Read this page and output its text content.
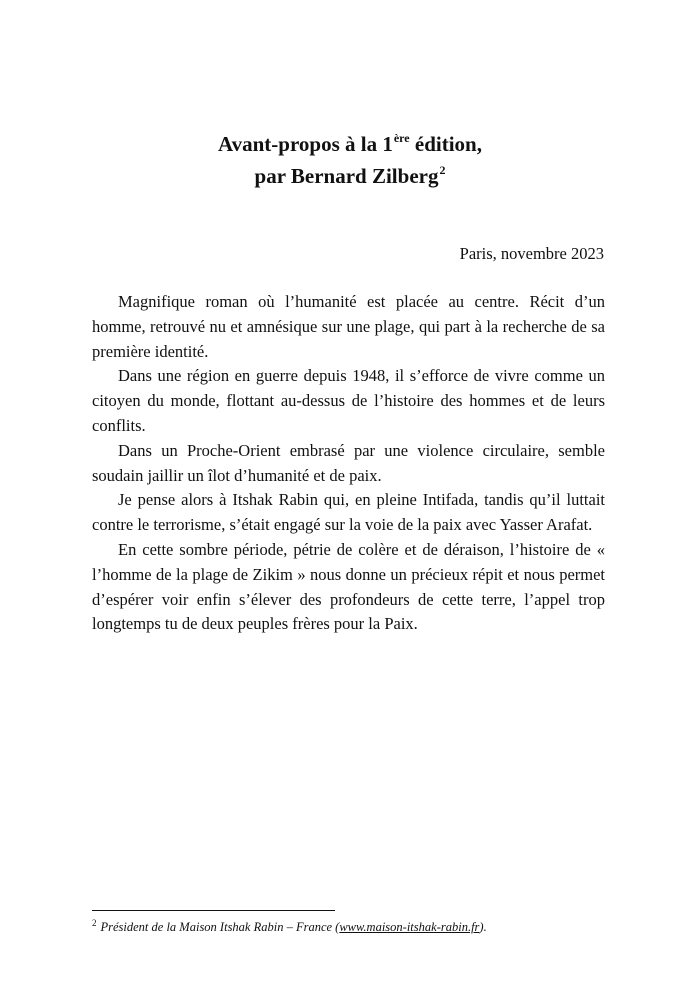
Avant-propos à la 1ère édition,
par Bernard Zilberg$^2$

Paris, novembre 2023

Magnifique roman où l’humanité est placée au centre. Récit d’un homme, retrouvé nu et amnésique sur une plage, qui part à la recherche de sa première identité.

Dans une région en guerre depuis 1948, il s’efforce de vivre comme un citoyen du monde, flottant au-dessus de l’histoire des hommes et de leurs conflits.

Dans un Proche-Orient embrasé par une violence circulaire, semble soudain jaillir un îlot d’humanité et de paix.

Je pense alors à Itshak Rabin qui, en pleine Intifada, tandis qu’il luttait contre le terrorisme, s’était engagé sur la voie de la paix avec Yasser Arafat.

En cette sombre période, pétrie de colère et de déraison, l’histoire de « l’homme de la plage de Zikim » nous donne un précieux répit et nous permet d’espérer voir enfin s’élever des profondeurs de cette terre, l’appel trop longtemps tu de deux peuples frères pour la Paix.

$^2$ Président de la Maison Itshak Rabin – France (www.maison-itshak-rabin.fr).
